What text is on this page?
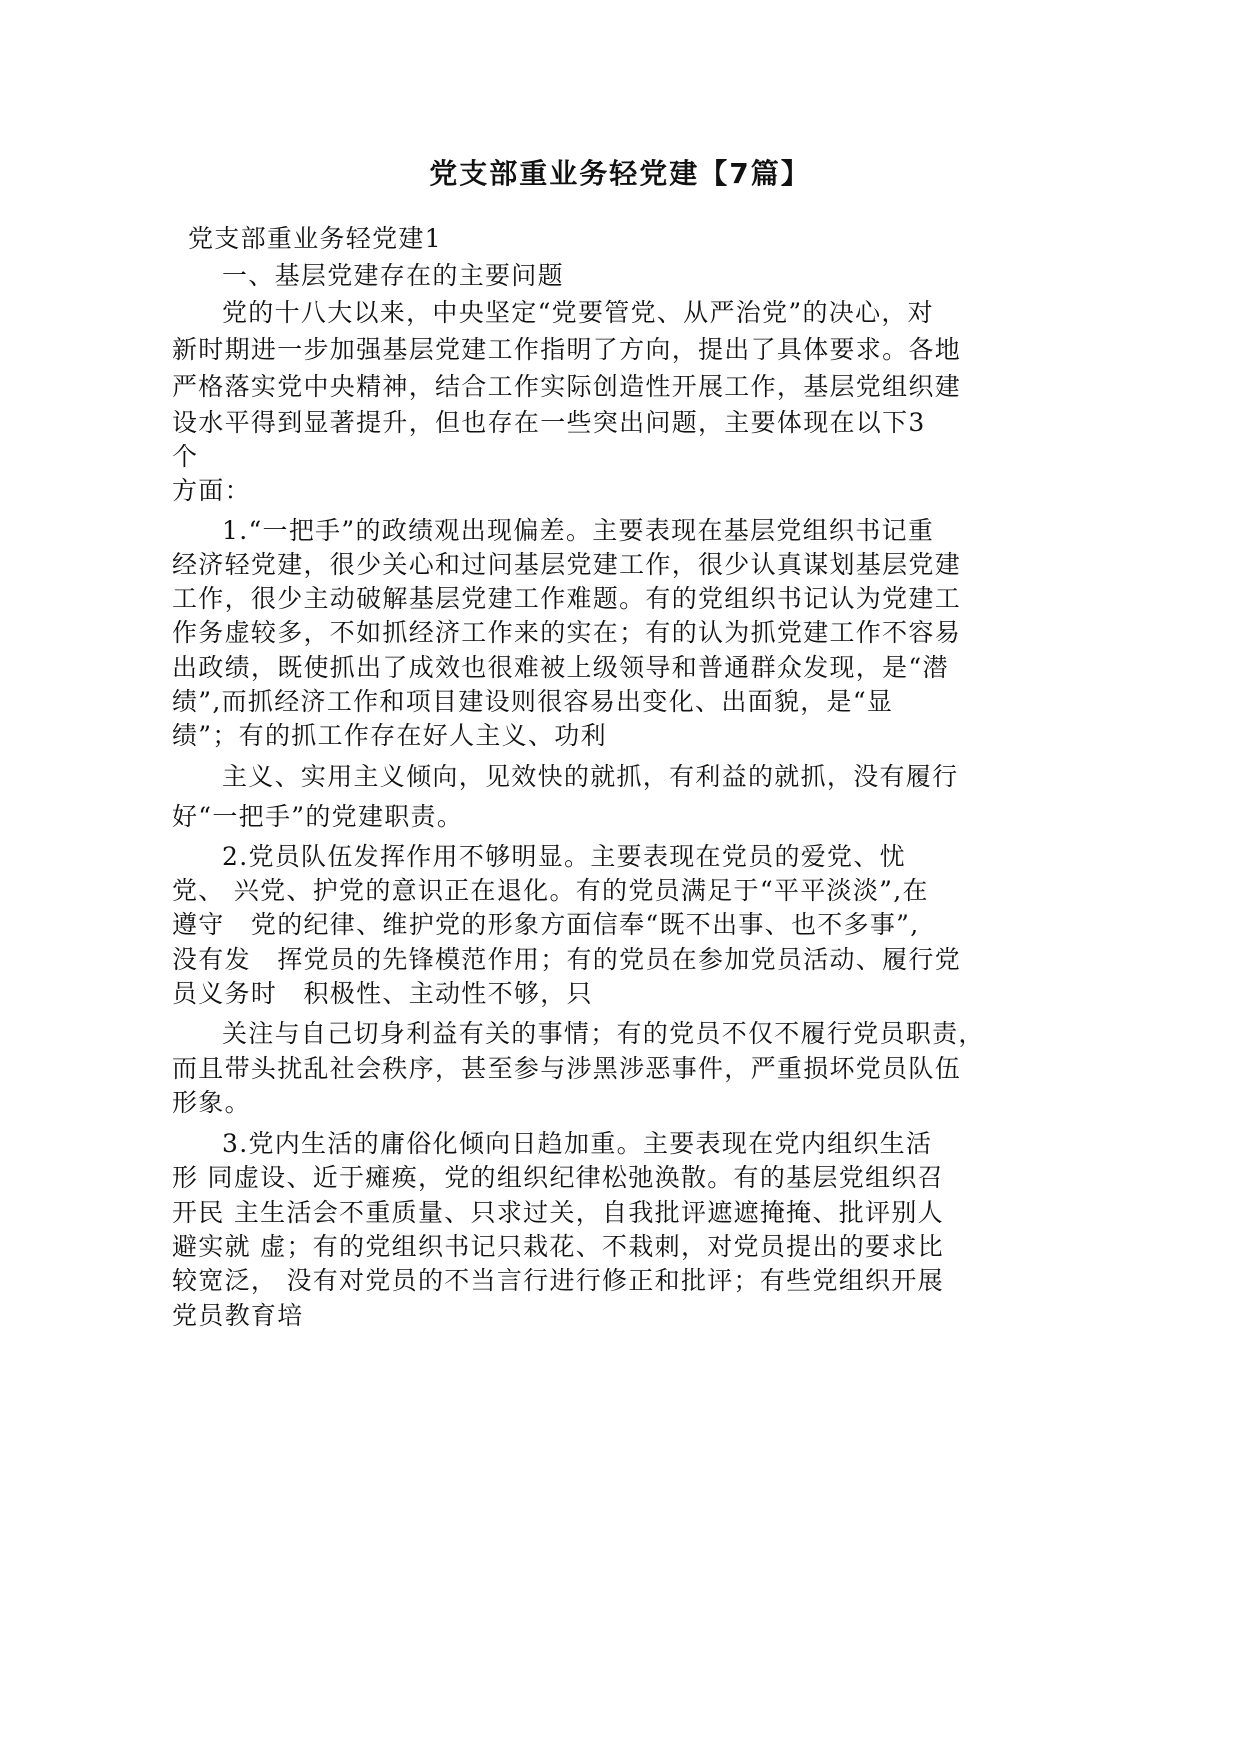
党支部重业务轻党建【7篇】
党支部重业务轻党建1
一、基层党建存在的主要问题
党的十八大以来，中央坚定“党要管党、从严治党”的决心，对
新时期进一步加强基层党建工作指明了方向，提出了具体要求。各地
严格落实党中央精神，结合工作实际创造性开展工作，基层党组织建
设水平得到显著提升，但也存在一些突出问题，主要体现在以下3
个
方面：
1.“一把手”的政绩观出现偏差。主要表现在基层党组织书记重
经济轻党建，很少关心和过问基层党建工作，很少认真谋划基层党建
工作，很少主动破解基层党建工作难题。有的党组织书记认为党建工
作务虚较多，不如抓经济工作来的实在；有的认为抓党建工作不容易
出政绩，既使抓出了成效也很难被上级领导和普通群众发现，是“潜
绩”,而抓经济工作和项目建设则很容易出变化、出面貌，是“显
绩”；有的抓工作存在好人主义、功利
主义、实用主义倾向，见效快的就抓，有利益的就抓，没有履行
好“一把手”的党建职责。
2.党员队伍发挥作用不够明显。主要表现在党员的爱党、忧
党、 兴党、护党的意识正在退化。有的党员满足于“平平淡淡”,在
遵守　党的纪律、维护党的形象方面信奉“既不出事、也不多事”,
没有发　挥党员的先锋模范作用；有的党员在参加党员活动、履行党
员义务时　积极性、主动性不够，只
关注与自己切身利益有关的事情；有的党员不仅不履行党员职责，
而且带头扰乱社会秩序，甚至参与涉黑涉恶事件，严重损坏党员队伍
形象。
3.党内生活的庸俗化倾向日趋加重。主要表现在党内组织生活
形 同虚设、近于瘫痪，党的组织纪律松弛涣散。有的基层党组织召
开民 主生活会不重质量、只求过关，自我批评遮遮掩掩、批评别人
避实就 虚；有的党组织书记只栽花、不栽刺，对党员提出的要求比
较宽泛， 没有对党员的不当言行进行修正和批评；有些党组织开展
党员教育培
